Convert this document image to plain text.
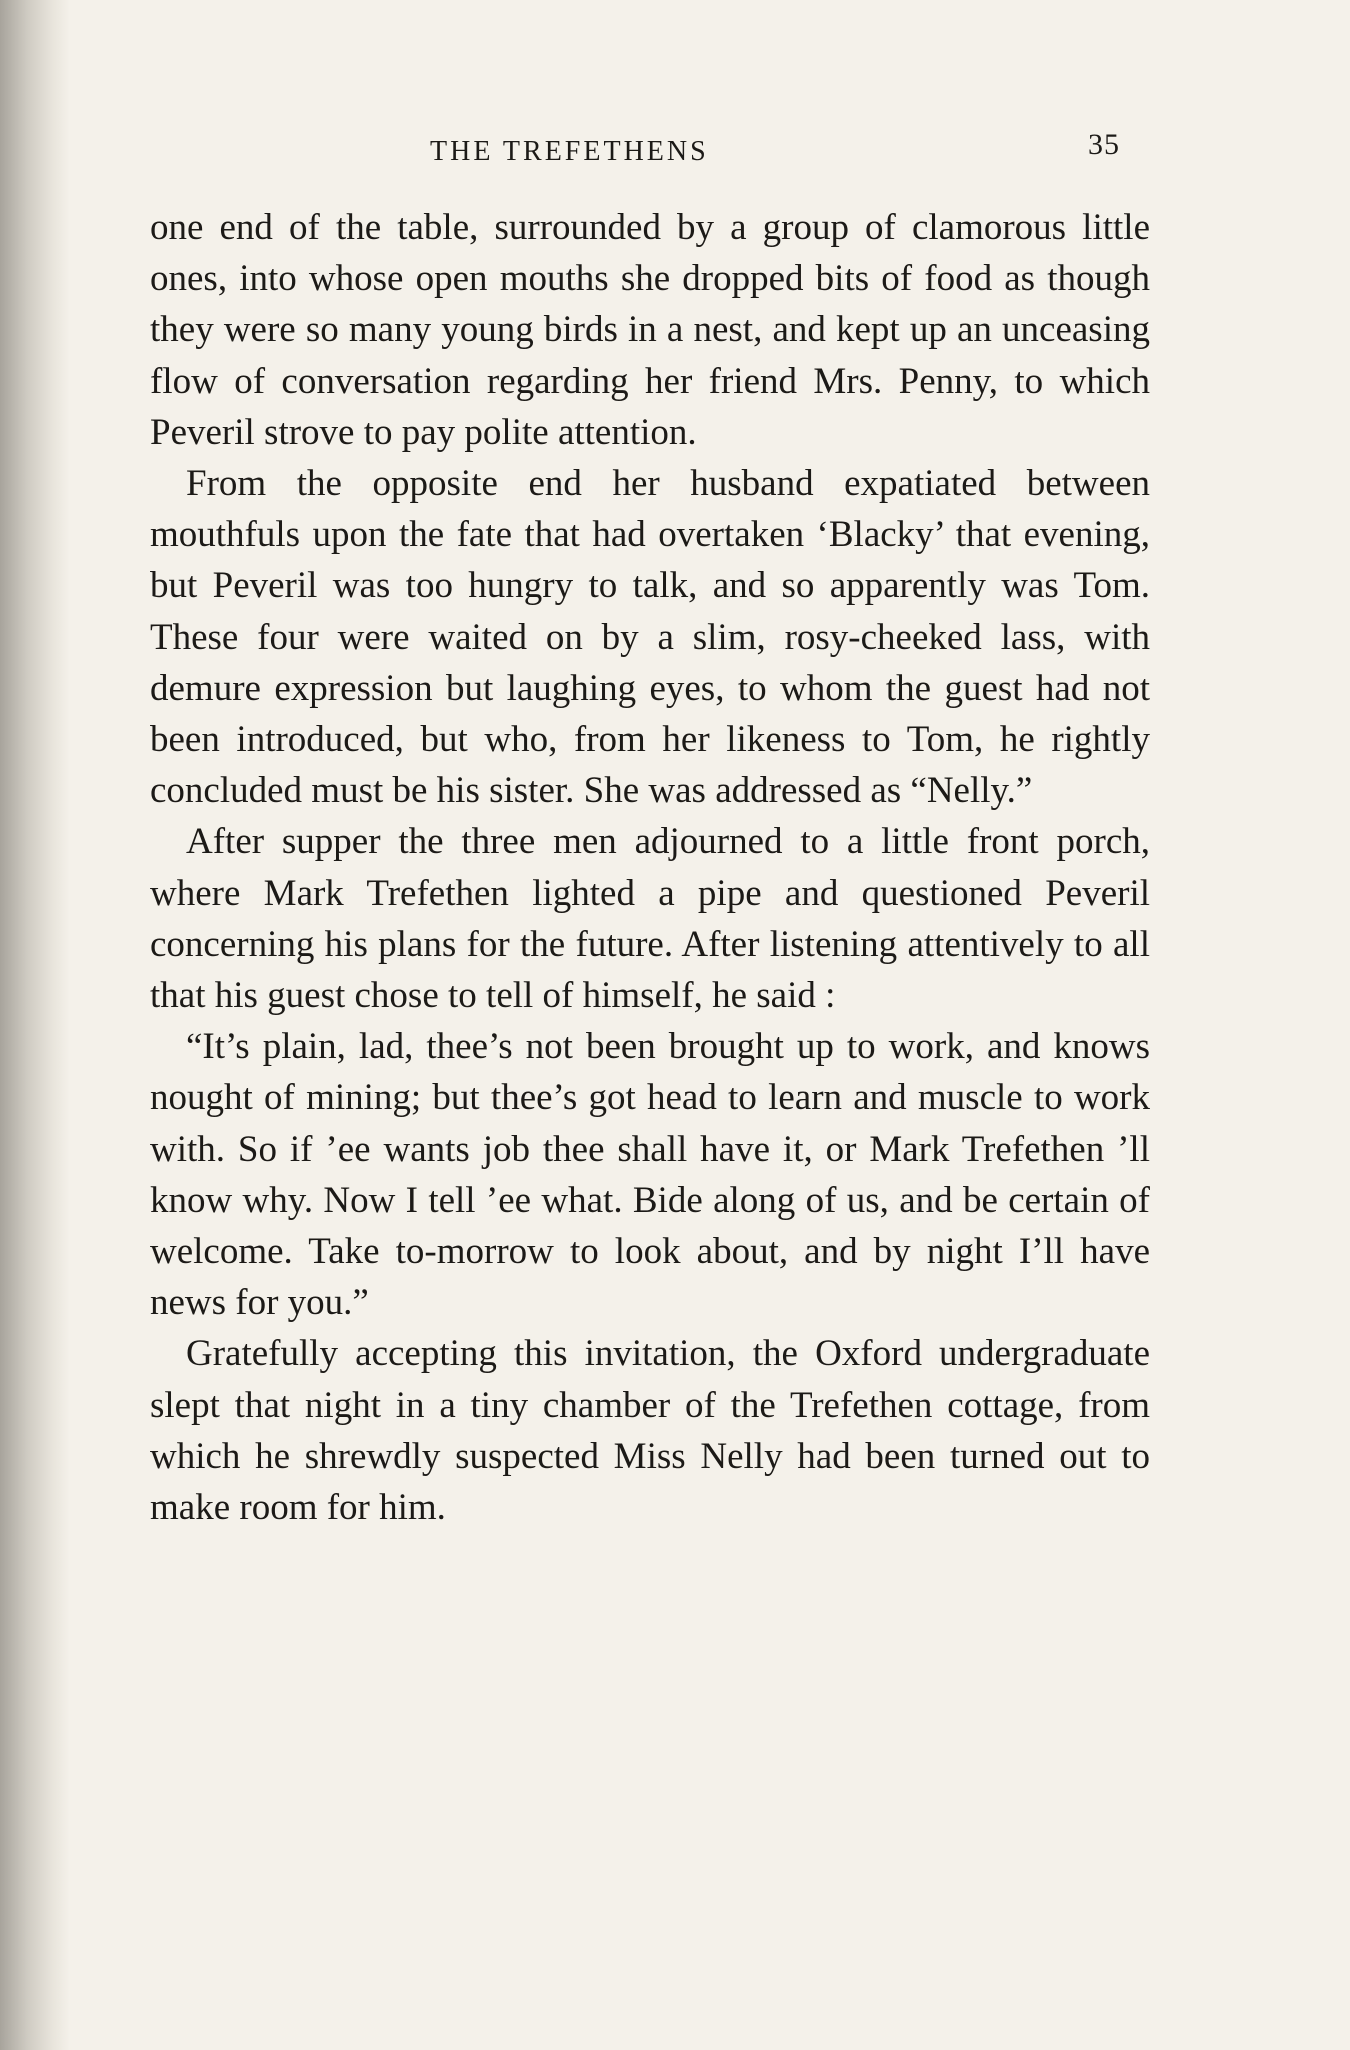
THE TREFETHENS	35

one end of the table, surrounded by a group of clamorous little ones, into whose open mouths she dropped bits of food as though they were so many young birds in a nest, and kept up an unceasing flow of conversation regarding her friend Mrs. Penny, to which Peveril strove to pay polite attention.

From the opposite end her husband expatiated between mouthfuls upon the fate that had overtaken ‘Blacky’ that evening, but Peveril was too hungry to talk, and so apparently was Tom. These four were waited on by a slim, rosy-cheeked lass, with demure expression but laughing eyes, to whom the guest had not been introduced, but who, from her likeness to Tom, he rightly concluded must be his sister. She was addressed as “Nelly.”

After supper the three men adjourned to a little front porch, where Mark Trefethen lighted a pipe and questioned Peveril concerning his plans for the future. After listening attentively to all that his guest chose to tell of himself, he said :

“It’s plain, lad, thee’s not been brought up to work, and knows nought of mining; but thee’s got head to learn and muscle to work with. So if ’ee wants job thee shall have it, or Mark Trefethen ’ll know why. Now I tell ’ee what. Bide along of us, and be certain of welcome. Take to-morrow to look about, and by night I’ll have news for you.”

Gratefully accepting this invitation, the Oxford undergraduate slept that night in a tiny chamber of the Trefethen cottage, from which he shrewdly suspected Miss Nelly had been turned out to make room for him.
